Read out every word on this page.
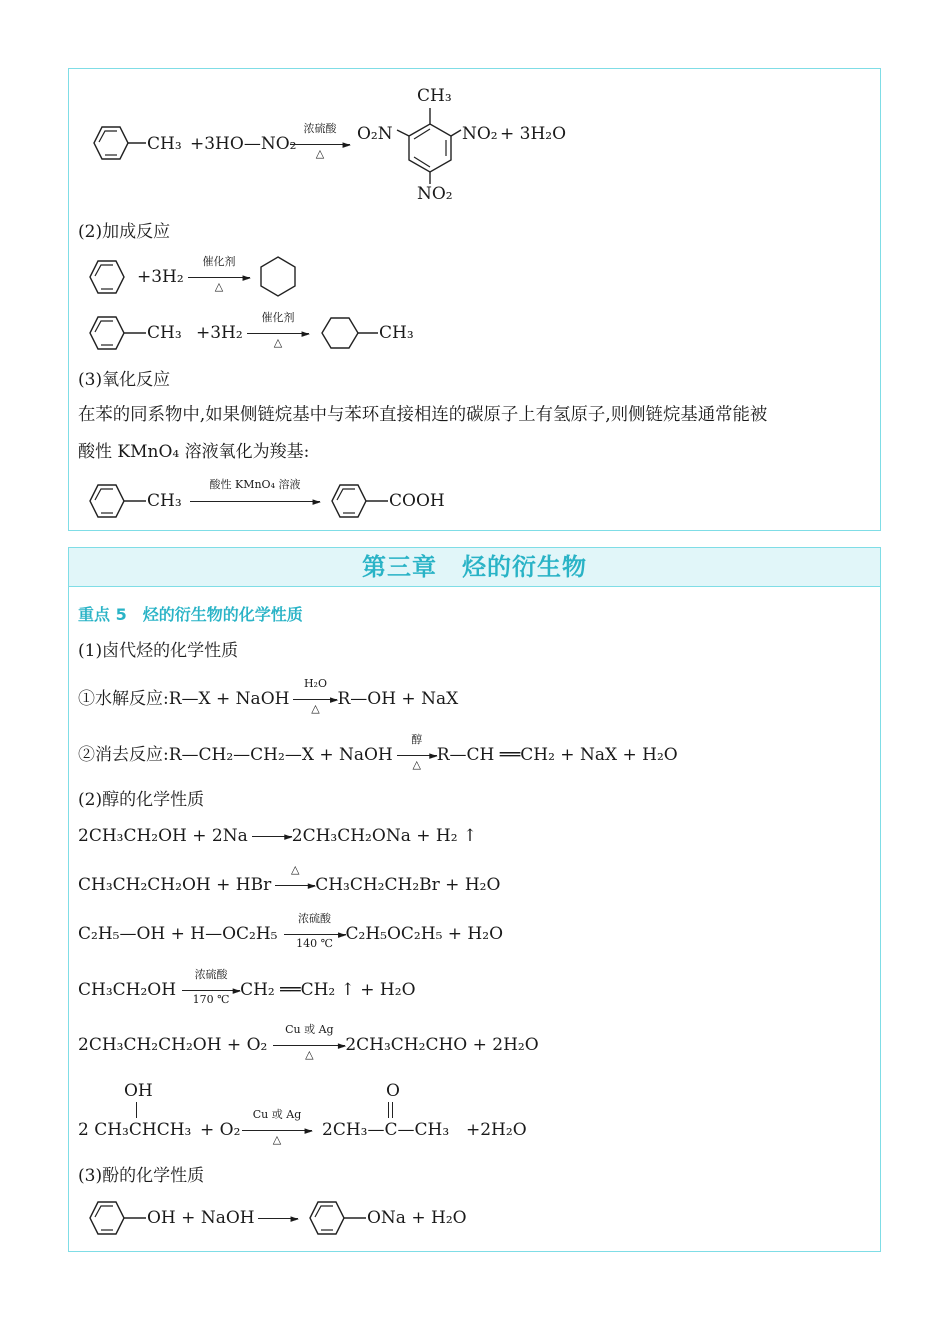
CH₃ +3HO—NO₂
浓硫酸
►
△
CH₃
O₂N	NO₂ + 3H₂O
NO₂
(2)加成反应
+3H₂
催化剂
►
△
CH₃ +3H₂
催化剂
►
△	CH₃
(3)氧化反应
在苯的同系物中,如果侧链烷基中与苯环直接相连的碳原子上有氢原子,则侧链烷基通常能被
酸性 KMnO₄ 溶液氧化为羧基:
CH₃
酸性 KMnO₄ 溶液
►	COOH
第三章　烃的衍生物
重点 5　烃的衍生物的化学性质
(1)卤代烃的化学性质
①水解反应:R—X + NaOH
H₂O
►
△	R—OH + NaX
②消去反应:R—CH₂—CH₂—X + NaOH
醇
►
△ R—CH ══CH₂ + NaX + H₂O
(2)醇的化学性质
2CH₃CH₂OH + 2Na	► 2CH₃CH₂ONa + H₂ ↑
CH₃CH₂CH₂OH + HBr
△
► CH₃CH₂CH₂Br + H₂O
C₂H₅—OH + H—OC₂H₅
浓硫酸
►
140 ℃ C₂H₅OC₂H₅ + H₂O
CH₃CH₂OH
浓硫酸
►
170 ℃ CH₂ ══CH₂ ↑ + H₂O
2CH₃CH₂CH₂OH + O₂
Cu 或 Ag
►
△	2CH₃CH₂CHO + 2H₂O
OH
2 CH₃CHCH₃ + O₂
Cu 或 Ag
►
△
O
2CH₃—C—CH₃ +2H₂O
(3)酚的化学性质
OH + NaOH	►	ONa + H₂O
